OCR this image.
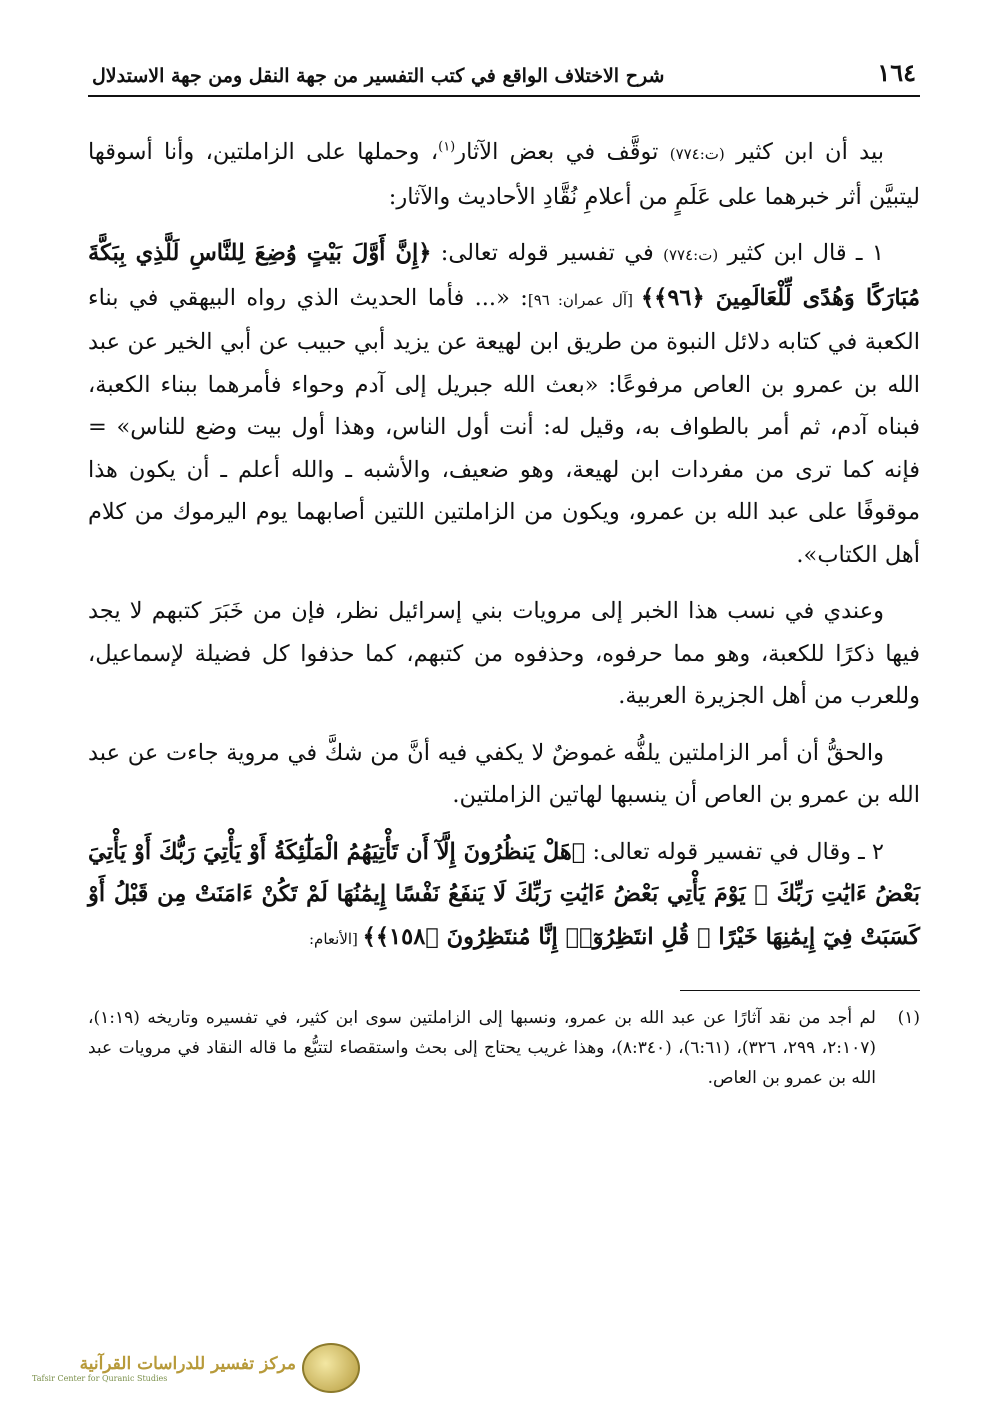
١٦٤
شرح الاختلاف الواقع في كتب التفسير من جهة النقل ومن جهة الاستدلال

بيد أن ابن كثير (ت:٧٧٤) توقَّف في بعض الآثار$^{(١)}$، وحملها على الزاملتين، وأنا أسوقها ليتبيَّن أثر خبرهما على عَلَمٍ من أعلامِ نُقَّادِ الأحاديث والآثار:

١ ـ قال ابن كثير (ت:٧٧٤) في تفسير قوله تعالى: ﴿إِنَّ أَوَّلَ بَيْتٍ وُضِعَ لِلنَّاسِ لَلَّذِي بِبَكَّةَ مُبَارَكًا وَهُدًى لِّلْعَالَمِينَ ﴿٩٦﴾﴾ [آل عمران: ٩٦]: «... فأما الحديث الذي رواه البيهقي في بناء الكعبة في كتابه دلائل النبوة من طريق ابن لهيعة عن يزيد أبي حبيب عن أبي الخير عن عبد الله بن عمرو بن العاص مرفوعًا: «بعث الله جبريل إلى آدم وحواء فأمرهما ببناء الكعبة، فبناه آدم، ثم أمر بالطواف به، وقيل له: أنت أول الناس، وهذا أول بيت وضع للناس» = فإنه كما ترى من مفردات ابن لهيعة، وهو ضعيف، والأشبه ـ والله أعلم ـ أن يكون هذا موقوفًا على عبد الله بن عمرو، ويكون من الزاملتين اللتين أصابهما يوم اليرموك من كلام أهل الكتاب».

وعندي في نسب هذا الخبر إلى مرويات بني إسرائيل نظر، فإن من خَبَرَ كتبهم لا يجد فيها ذكرًا للكعبة، وهو مما حرفوه، وحذفوه من كتبهم، كما حذفوا كل فضيلة لإسماعيل، وللعرب من أهل الجزيرة العربية.

والحقُّ أن أمر الزاملتين يلفُّه غموضٌ لا يكفي فيه أنَّ من شكَّ في مروية جاءت عن عبد الله بن عمرو بن العاص أن ينسبها لهاتين الزاملتين.

٢ ـ وقال في تفسير قوله تعالى: ﴿هَلْ يَنظُرُونَ إِلَّآ أَن تَأْتِيَهُمُ الْمَلَٰٓئِكَةُ أَوْ يَأْتِيَ رَبُّكَ أَوْ يَأْتِيَ بَعْضُ ءَايَٰتِ رَبِّكَ ۗ يَوْمَ يَأْتِي بَعْضُ ءَايَٰتِ رَبِّكَ لَا يَنفَعُ نَفْسًا إِيمَٰنُهَا لَمْ تَكُنْ ءَامَنَتْ مِن قَبْلُ أَوْ كَسَبَتْ فِيٓ إِيمَٰنِهَا خَيْرًا ۗ قُلِ انتَظِرُوٓا۟ إِنَّا مُنتَظِرُونَ ﴿١٥٨﴾﴾ [الأنعام:

(١)
لم أجد من نقد آثارًا عن عبد الله بن عمرو، ونسبها إلى الزاملتين سوى ابن كثير، في تفسيره وتاريخه (١:١٩)، (٢:١٠٧، ٢٩٩، ٣٢٦)، (٦:٦١)، (٨:٣٤٠)، وهذا غريب يحتاج إلى بحث واستقصاء لتتبُّع ما قاله النقاد في مرويات عبد الله بن عمرو بن العاص.
مركز تفسير للدراسات القرآنية
Tafsir Center for Quranic Studies
